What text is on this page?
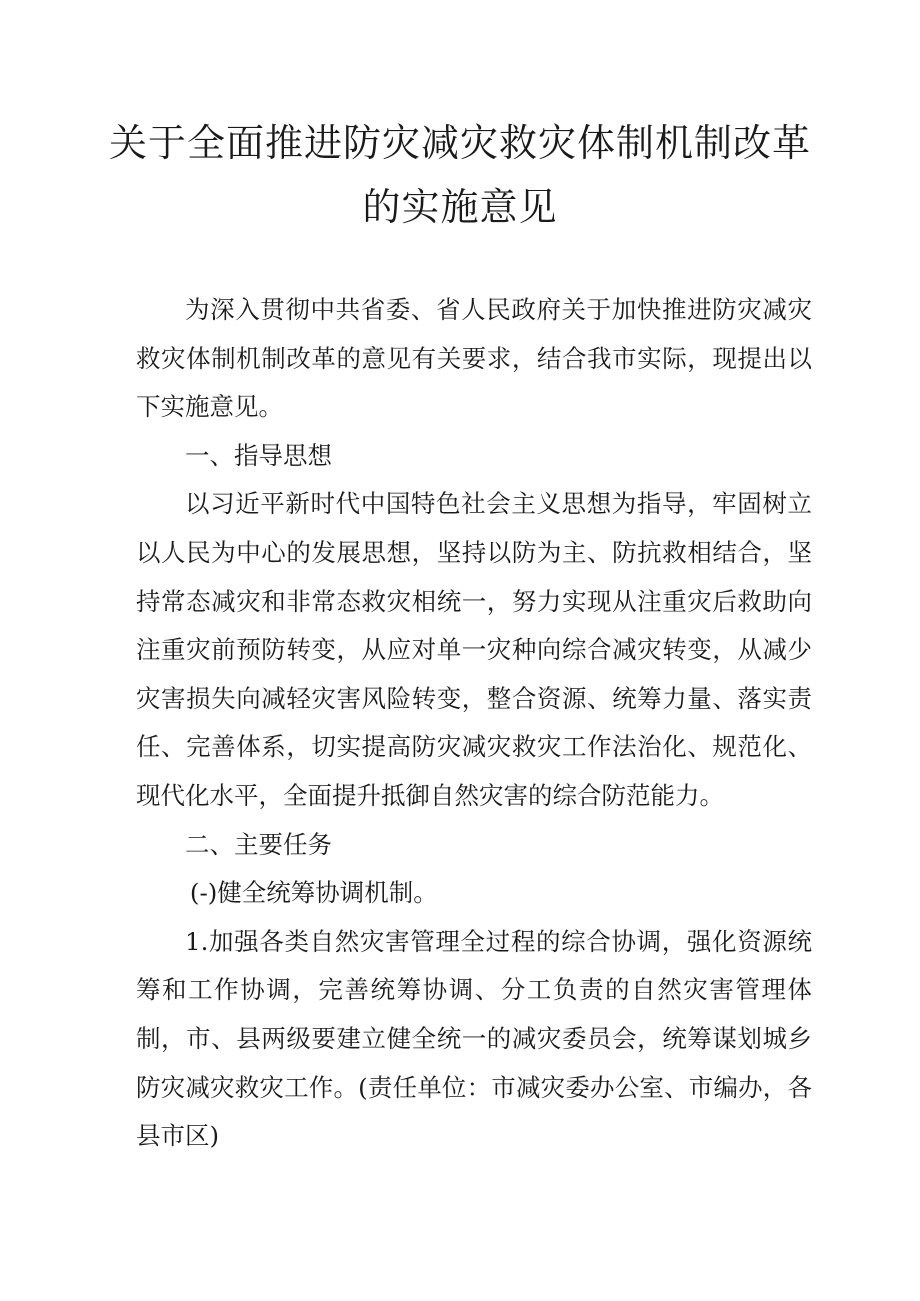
关于全面推进防灾减灾救灾体制机制改革
的实施意见

为深入贯彻中共省委、省人民政府关于加快推进防灾减灾救灾体制机制改革的意见有关要求，结合我市实际，现提出以下实施意见。

一、指导思想

以习近平新时代中国特色社会主义思想为指导，牢固树立以人民为中心的发展思想，坚持以防为主、防抗救相结合，坚持常态减灾和非常态救灾相统一，努力实现从注重灾后救助向注重灾前预防转变，从应对单一灾种向综合减灾转变，从减少灾害损失向减轻灾害风险转变，整合资源、统筹力量、落实责任、完善体系，切实提高防灾减灾救灾工作法治化、规范化、现代化水平，全面提升抵御自然灾害的综合防范能力。

二、主要任务

(-)健全统筹协调机制。

1.加强各类自然灾害管理全过程的综合协调，强化资源统筹和工作协调，完善统筹协调、分工负责的自然灾害管理体制，市、县两级要建立健全统一的减灾委员会，统筹谋划城乡防灾减灾救灾工作。(责任单位：市减灾委办公室、市编办，各县市区)
